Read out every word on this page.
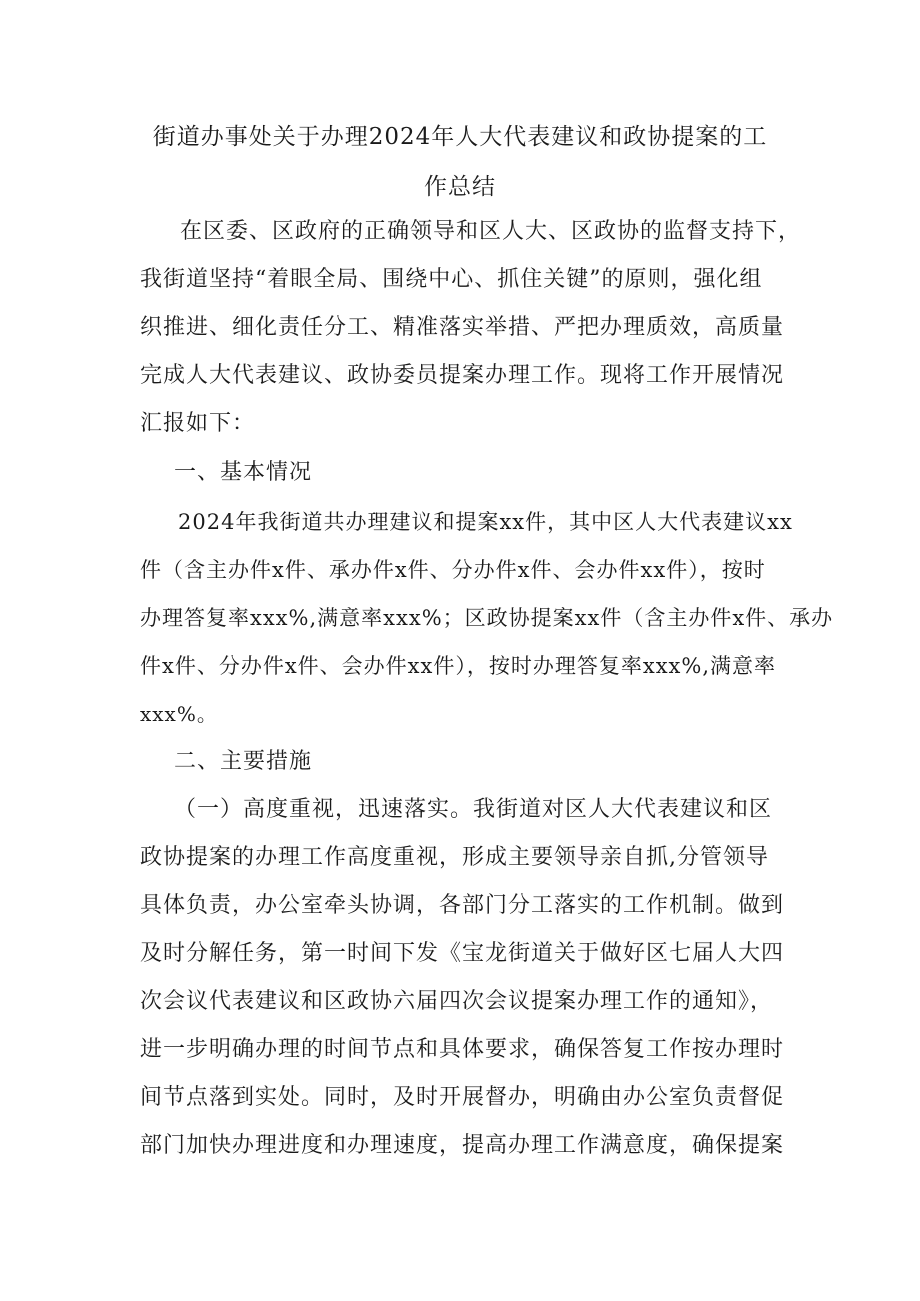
街道办事处关于办理2024年人大代表建议和政协提案的工
作总结
在区委、区政府的正确领导和区人大、区政协的监督支持下，
我街道坚持“着眼全局、围绕中心、抓住关键”的原则，强化组
织推进、细化责任分工、精准落实举措、严把办理质效，高质量
完成人大代表建议、政协委员提案办理工作。现将工作开展情况
汇报如下：
一、基本情况
2024年我街道共办理建议和提案xx件，其中区人大代表建议xx
件（含主办件x件、承办件x件、分办件x件、会办件xx件），按时
办理答复率xxx%,满意率xxx%；区政协提案xx件（含主办件x件、承办
件x件、分办件x件、会办件xx件），按时办理答复率xxx%,满意率
xxx%。
二、主要措施
（一）高度重视，迅速落实。我街道对区人大代表建议和区
政协提案的办理工作高度重视，形成主要领导亲自抓,分管领导
具体负责，办公室牵头协调，各部门分工落实的工作机制。做到
及时分解任务，第一时间下发《宝龙街道关于做好区七届人大四
次会议代表建议和区政协六届四次会议提案办理工作的通知》，
进一步明确办理的时间节点和具体要求，确保答复工作按办理时
间节点落到实处。同时，及时开展督办，明确由办公室负责督促
部门加快办理进度和办理速度，提高办理工作满意度，确保提案
